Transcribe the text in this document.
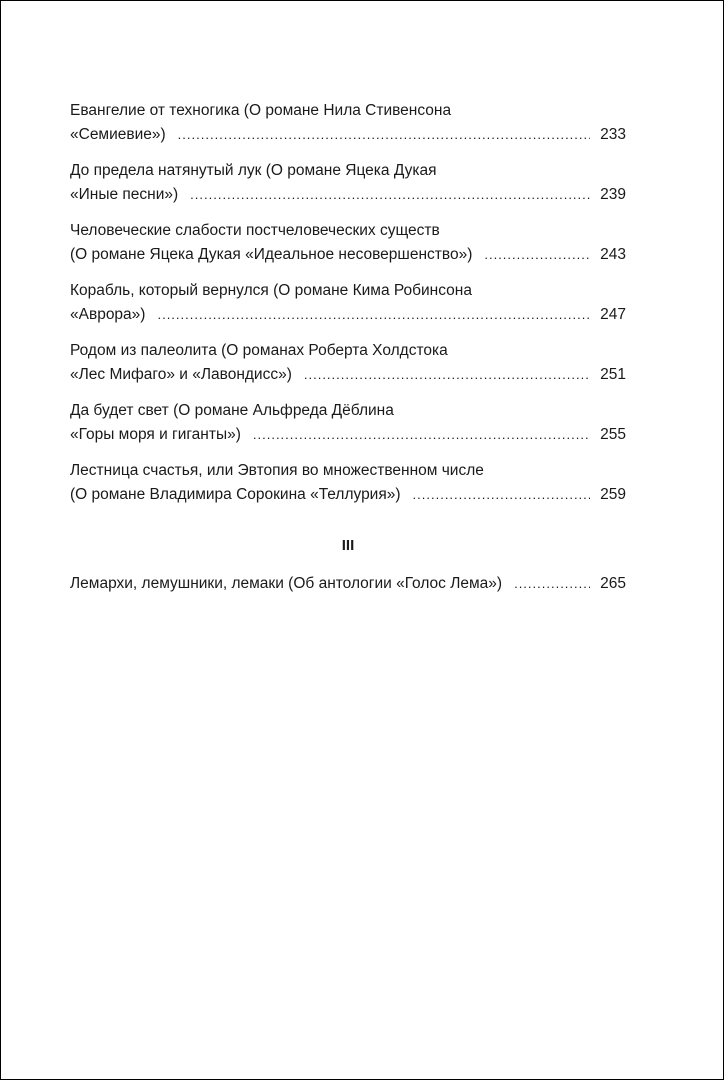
Евангелие от техногика (О романе Нила Стивенсона
«Семиевие») .....	233
До предела натянутый лук (О романе Яцека Дукая
«Иные песни») .....	239
Человеческие слабости постчеловеческих существ
(О романе Яцека Дукая «Идеальное несовершенство») .....	243
Корабль, который вернулся (О романе Кима Робинсона
«Аврора») .....	247
Родом из палеолита (О романах Роберта Холдстока
«Лес Мифаго» и «Лавондисс») .....	251
Да будет свет (О романе Альфреда Дёблина
«Горы моря и гиганты») .....	255
Лестница счастья, или Эвтопия во множественном числе
(О романе Владимира Сорокина «Теллурия») .....	259
III
Лемархи, лемушники, лемаки (Об антологии «Голос Лема») .....	265
